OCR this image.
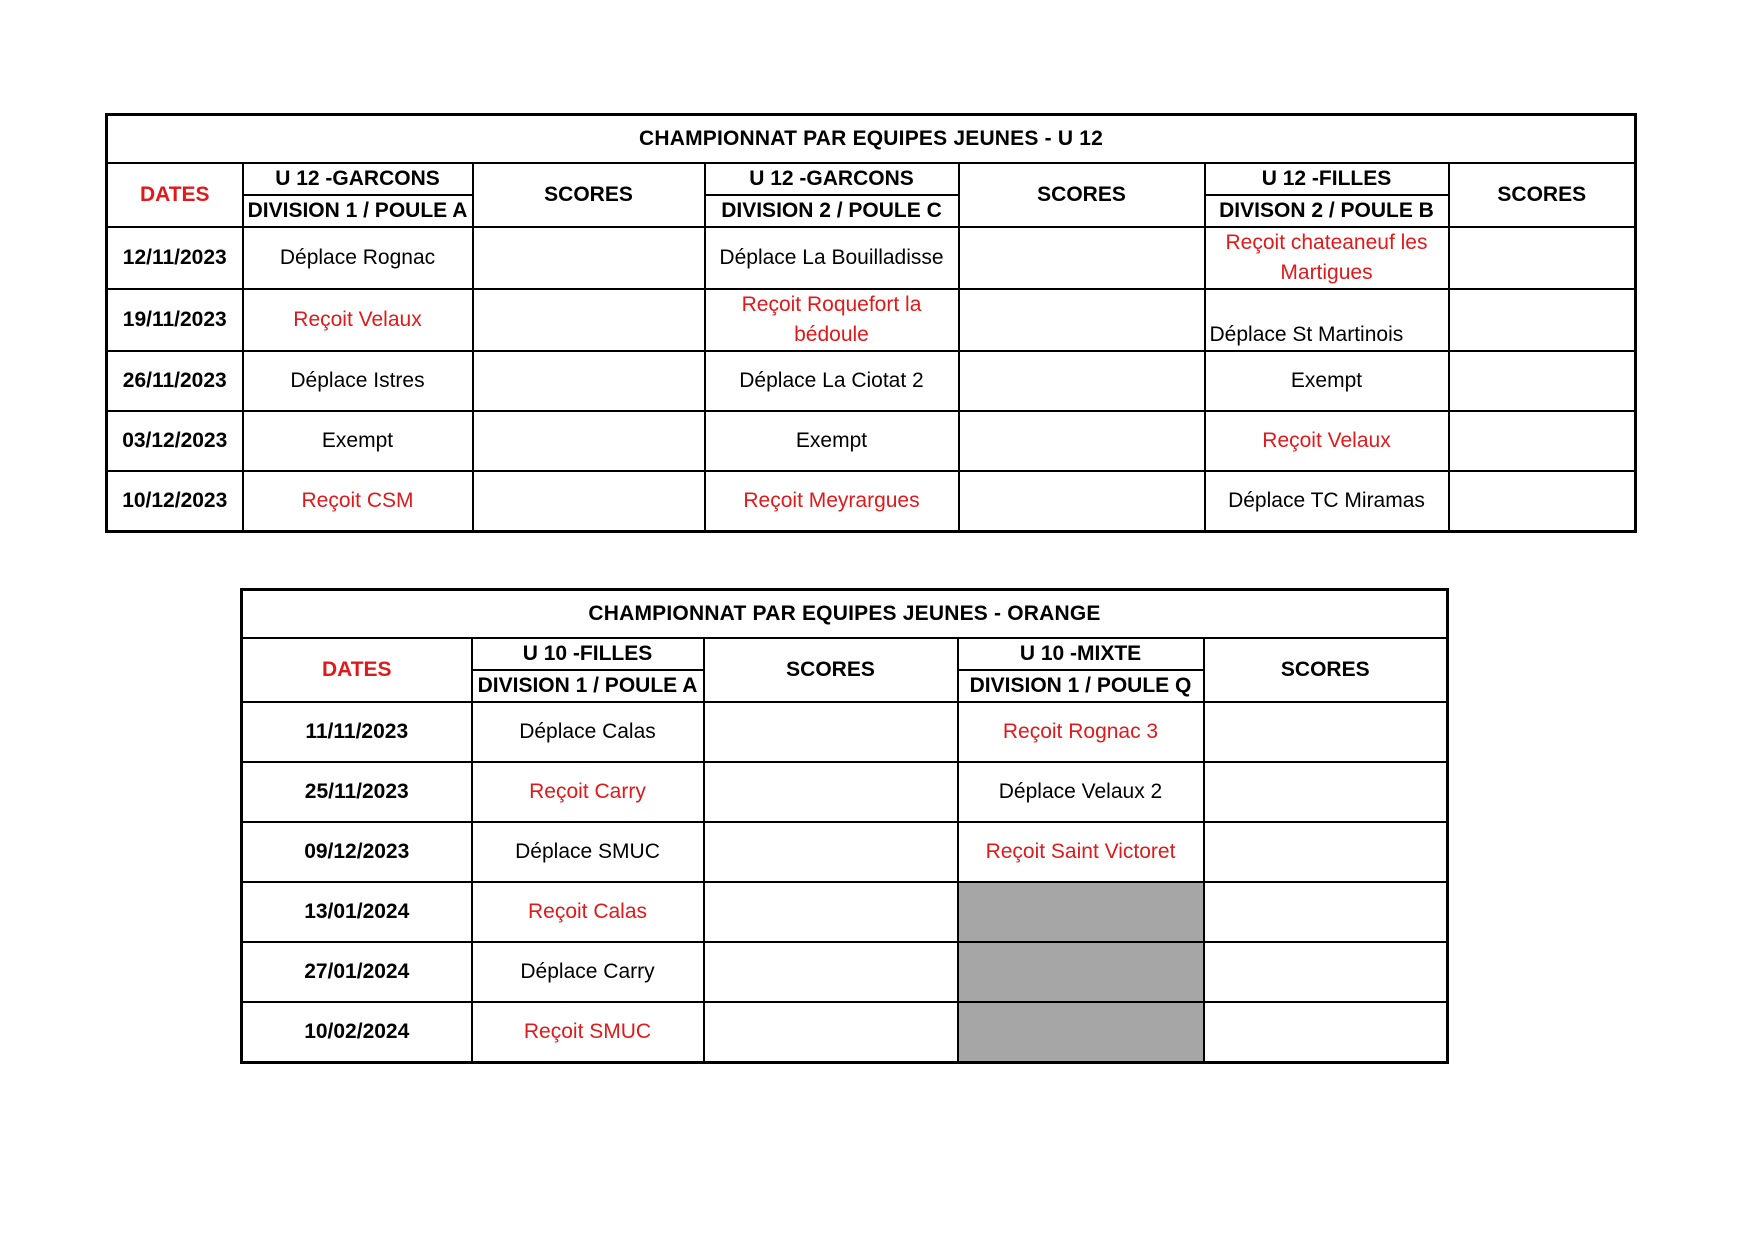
CHAMPIONNAT PAR EQUIPES JEUNES - U 12						
DATES	U 12 -GARCONS	SCORES	U 12 -GARCONS	SCORES	U 12 -FILLES	SCORES
	DIVISION 1 / POULE A		DIVISION 2 / POULE C		DIVISON 2 / POULE B	
12/11/2023	Déplace Rognac		Déplace La Bouilladisse		Reçoit chateaneuf les Martigues	
19/11/2023	Reçoit Velaux		Reçoit Roquefort la bédoule		Déplace St Martinois	
26/11/2023	Déplace Istres		Déplace La Ciotat 2		Exempt	
03/12/2023	Exempt		Exempt		Reçoit Velaux	
10/12/2023	Reçoit CSM		Reçoit Meyrargues		Déplace TC Miramas	
CHAMPIONNAT PAR EQUIPES JEUNES - ORANGE				
DATES	U 10 -FILLES	SCORES	U 10 -MIXTE	SCORES
	DIVISION 1 / POULE A		DIVISION 1 / POULE Q	
11/11/2023	Déplace Calas		Reçoit Rognac 3	
25/11/2023	Reçoit Carry		Déplace Velaux 2	
09/12/2023	Déplace SMUC		Reçoit Saint Victoret	
13/01/2024	Reçoit Calas			
27/01/2024	Déplace Carry			
10/02/2024	Reçoit SMUC			
